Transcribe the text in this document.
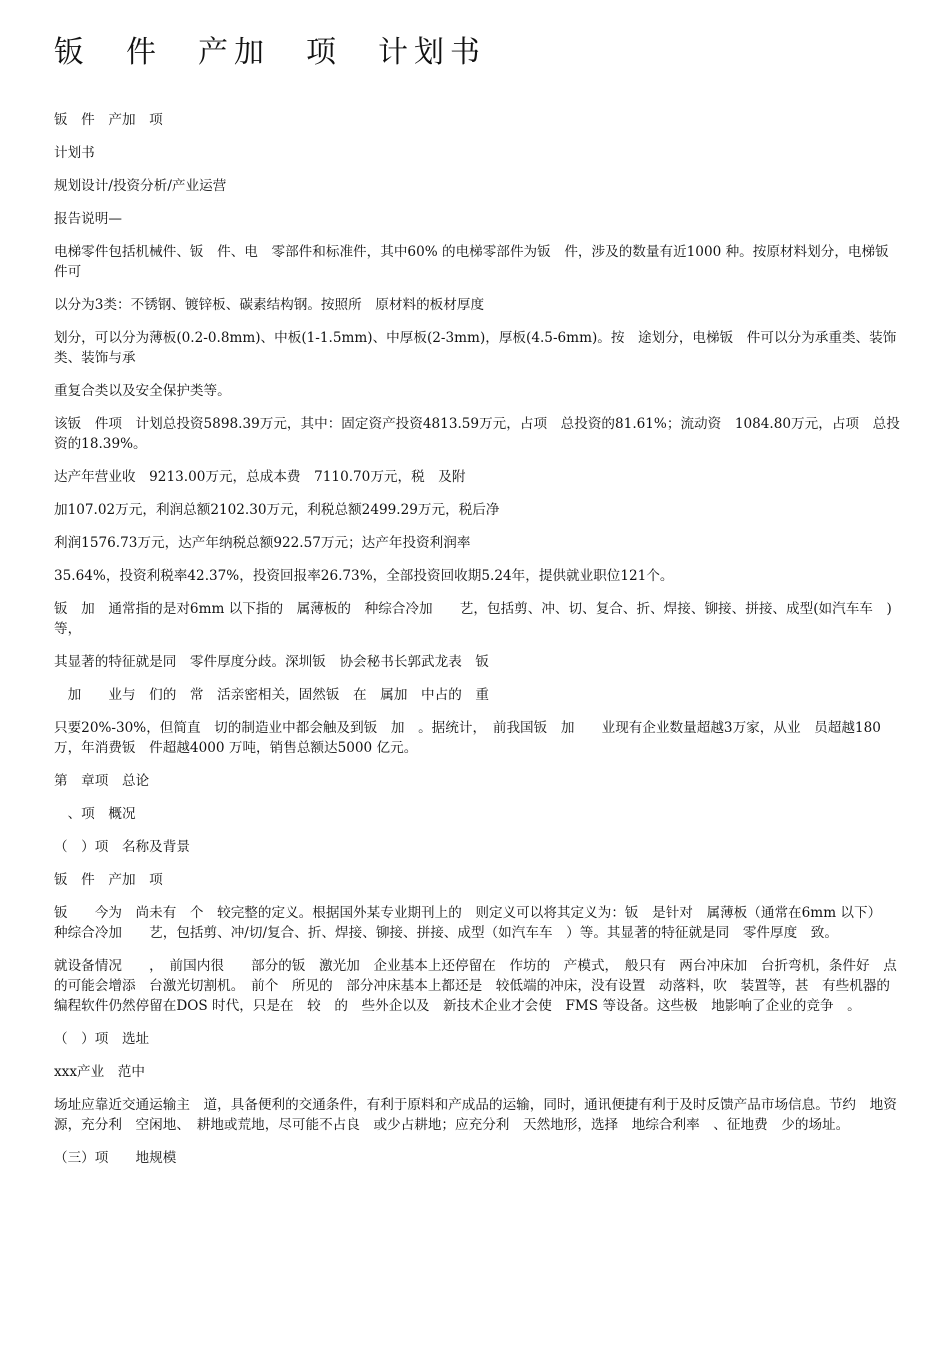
钣　件　产加　项　计划书

钣　件　产加　项

计划书

规划设计/投资分析/产业运营

报告说明—

电梯零件包括机械件、钣　件、电　零部件和标准件，其中60% 的电梯零部件为钣　件，涉及的数量有近1000 种。按原材料划分，电梯钣　件可

以分为3类：不锈钢、镀锌板、碳素结构钢。按照所　原材料的板材厚度

划分，可以分为薄板(0.2-0.8mm)、中板(1-1.5mm)、中厚板(2-3mm)，厚板(4.5-6mm)。按　途划分，电梯钣　件可以分为承重类、装饰类、装饰与承

重复合类以及安全保护类等。

该钣　件项　计划总投资5898.39万元，其中：固定资产投资4813.59万元，占项　总投资的81.61%；流动资　1084.80万元，占项　总投资的18.39%。

达产年营业收　9213.00万元，总成本费　7110.70万元，税　及附

加107.02万元，利润总额2102.30万元，利税总额2499.29万元，税后净

利润1576.73万元，达产年纳税总额922.57万元；达产年投资利润率

35.64%，投资利税率42.37%，投资回报率26.73%，全部投资回收期5.24年，提供就业职位121个。

钣　加　通常指的是对6mm 以下指的　属薄板的　种综合冷加　　艺，包括剪、冲、切、复合、折、焊接、铆接、拼接、成型(如汽车车　)等，

其显著的特征就是同　零件厚度分歧。深圳钣　协会秘书长郭武龙表　钣

　加　　业与　们的　常　活亲密相关，固然钣　在　属加　中占的　重

只要20%-30%，但简直　切的制造业中都会触及到钣　加　。据统计，　前我国钣　加　　业现有企业数量超越3万家，从业　员超越180万，年消费钣　件超越4000 万吨，销售总额达5000 亿元。

第　章项　总论

　、项　概况

（　）项　名称及背景

钣　件　产加　项

钣　　今为　尚未有　个　较完整的定义。根据国外某专业期刊上的　则定义可以将其定义为：钣　是针对　属薄板（通常在6mm 以下）　种综合冷加　　艺，包括剪、冲/切/复合、折、焊接、铆接、拼接、成型（如汽车车　）等。其显著的特征就是同　零件厚度　致。

就设备情况　　，　前国内很　　部分的钣　激光加　企业基本上还停留在　作坊的　产模式，　般只有　两台冲床加　台折弯机，条件好　点的可能会增添　台激光切割机。　前个　所见的　部分冲床基本上都还是　较低端的冲床，没有设置　动落料，吹　装置等，甚　有些机器的编程软件仍然停留在DOS 时代，只是在　较　的　些外企以及　新技术企业才会使　FMS 等设备。这些极　地影响了企业的竞争　。

（　）项　选址

xxx产业　范中

场址应靠近交通运输主　道，具备便利的交通条件，有利于原料和产成品的运输，同时，通讯便捷有利于及时反馈产品市场信息。节约　地资源，充分利　空闲地、　耕地或荒地，尽可能不占良　或少占耕地；应充分利　天然地形，选择　地综合利率　、征地费　少的场址。

（三）项　　地规模
